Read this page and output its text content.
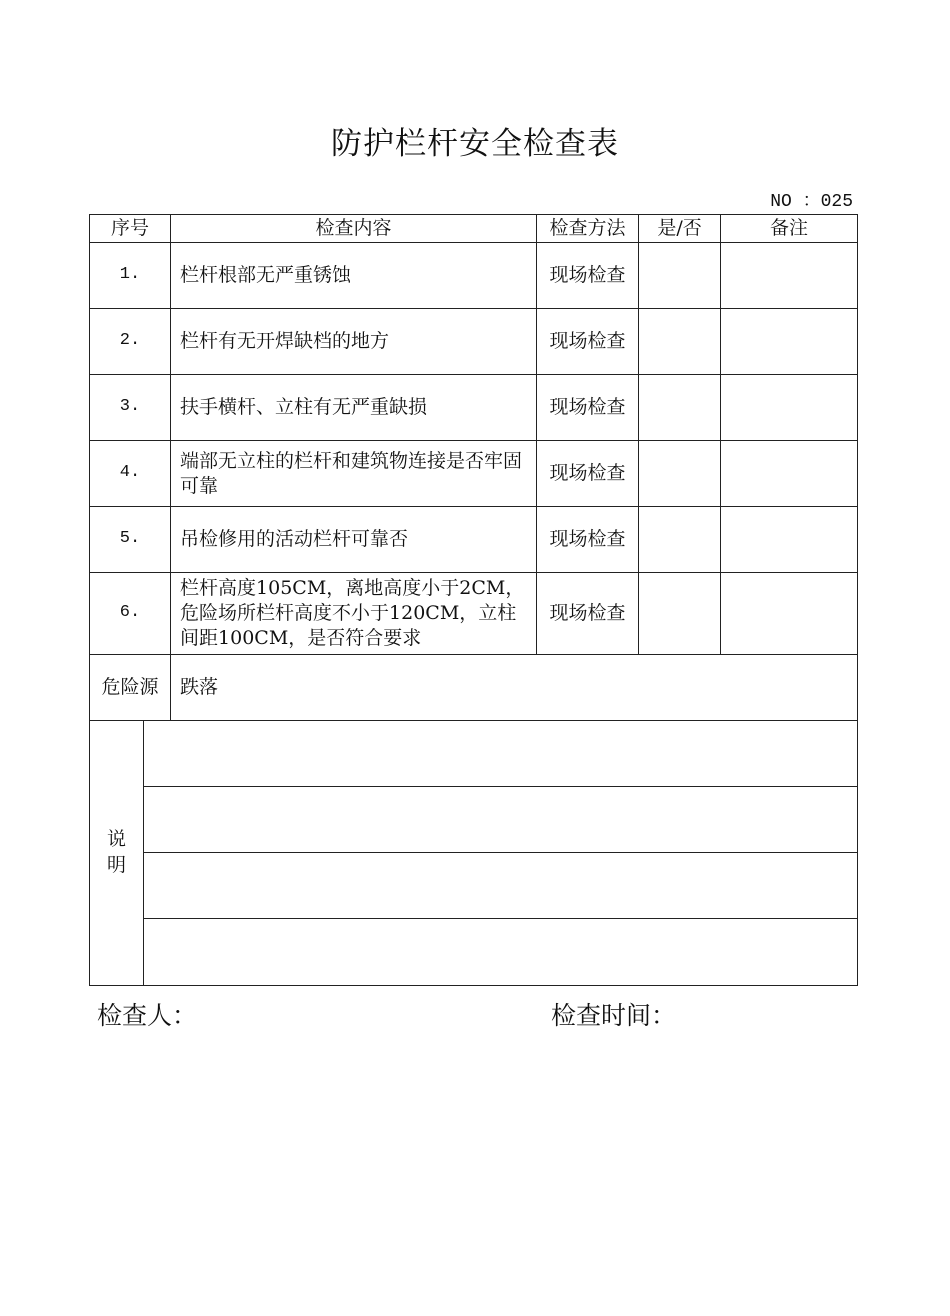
防护栏杆安全检查表
NO ：025
序号		检查内容	检查方法	是/否	备注
1.		栏杆根部无严重锈蚀	现场检查		
2.		栏杆有无开焊缺档的地方	现场检查		
3.		扶手横杆、立柱有无严重缺损	现场检查		
4.		端部无立柱的栏杆和建筑物连接是否牢固可靠	现场检查		
5.		吊检修用的活动栏杆可靠否	现场检查		
6.		栏杆高度105CM，离地高度小于2CM，危险场所栏杆高度不小于120CM，立柱间距100CM，是否符合要求	现场检查		
危险源		跌落			
说明					

检查人：	检查时间：
